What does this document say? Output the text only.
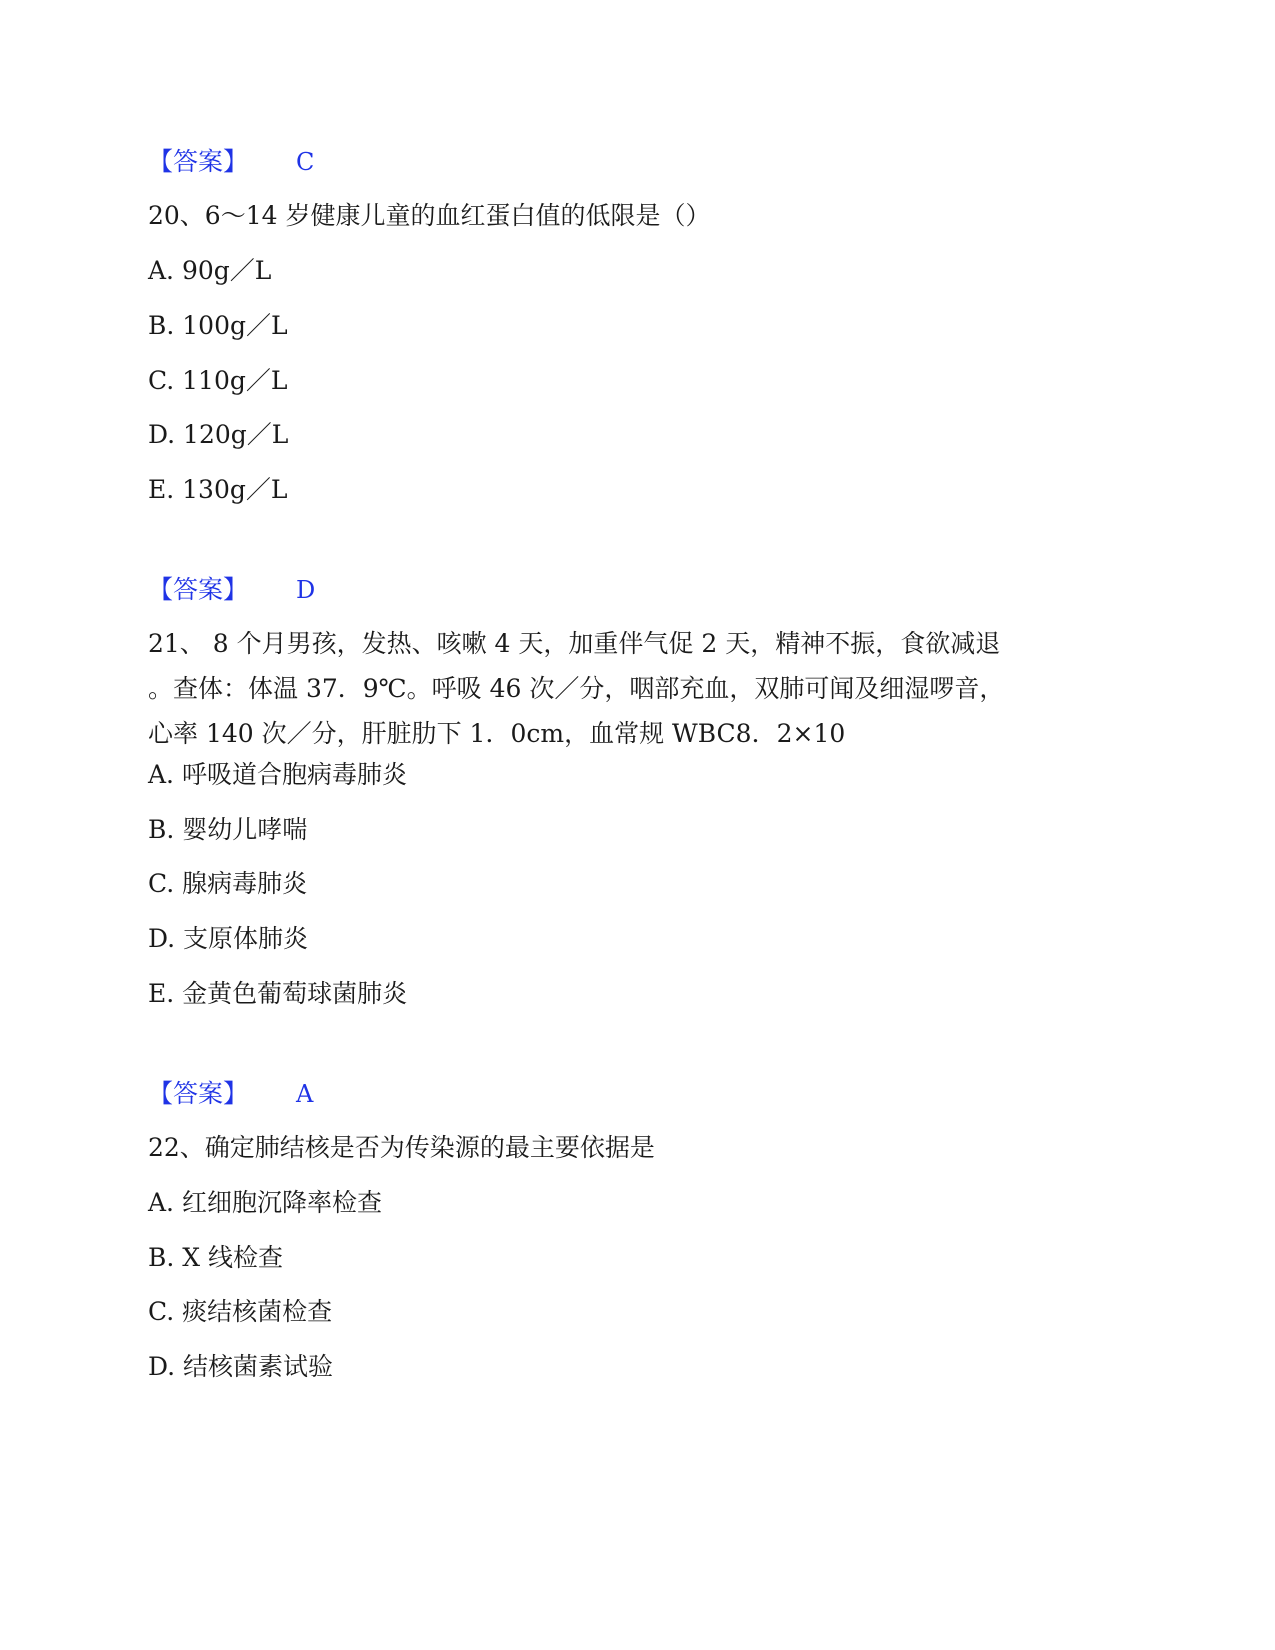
【答案】 C
20、6～14 岁健康儿童的血红蛋白值的低限是（）
A. 90g／L
B. 100g／L
C. 110g／L
D. 120g／L
E. 130g／L
【答案】 D
21、 8 个月男孩，发热、咳嗽 4 天，加重伴气促 2 天，精神不振，食欲减退
。查体：体温 37．9℃。呼吸 46 次／分，咽部充血，双肺可闻及细湿啰音，
心率 140 次／分，肝脏肋下 1．0cm，血常规 WBC8．2×10
A. 呼吸道合胞病毒肺炎
B. 婴幼儿哮喘
C. 腺病毒肺炎
D. 支原体肺炎
E. 金黄色葡萄球菌肺炎
【答案】 A
22、确定肺结核是否为传染源的最主要依据是
A. 红细胞沉降率检查
B. X 线检查
C. 痰结核菌检查
D. 结核菌素试验
